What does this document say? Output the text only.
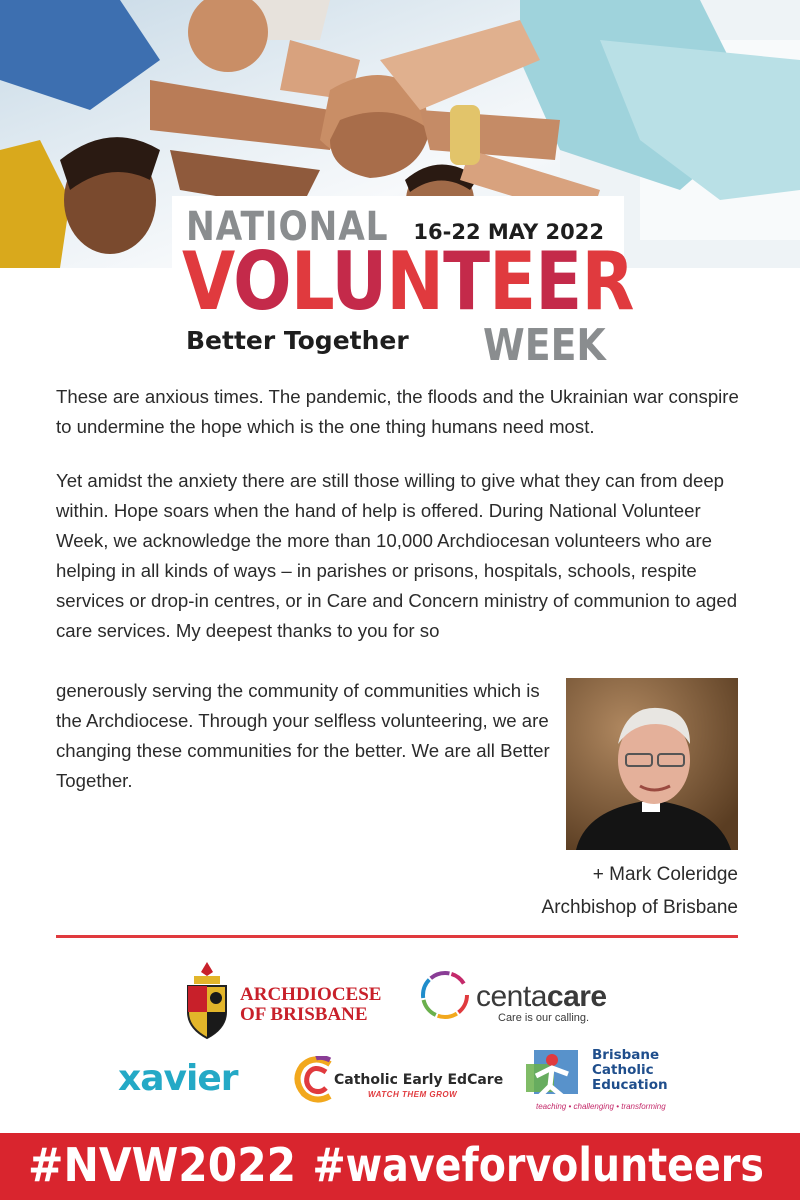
NATIONAL 16-22 MAY 2022
VOLUNTEER
Better Together WEEK
These are anxious times. The pandemic, the floods and the Ukrainian war conspire to undermine the hope which is the one thing humans need most.
Yet amidst the anxiety there are still those willing to give what they can from deep within. Hope soars when the hand of help is offered. During National Volunteer Week, we acknowledge the more than 10,000 Archdiocesan volunteers who are helping in all kinds of ways – in parishes or prisons, hospitals, schools, respite services or drop-in centres, or in Care and Concern ministry of communion to aged care services. My deepest thanks to you for so
generously serving the community of communities which is the Archdiocese. Through your selfless volunteering, we are changing these communities for the better. We are all Better Together.
+ Mark Coleridge
Archbishop of Brisbane
ARCHDIOCESE
OF BRISBANE
centacare
Care is our calling.
xavier	Catholic Early EdCare
WATCH THEM GROW
Brisbane
Catholic
Education
teaching • challenging • transforming
#NVW2022 #waveforvolunteers
